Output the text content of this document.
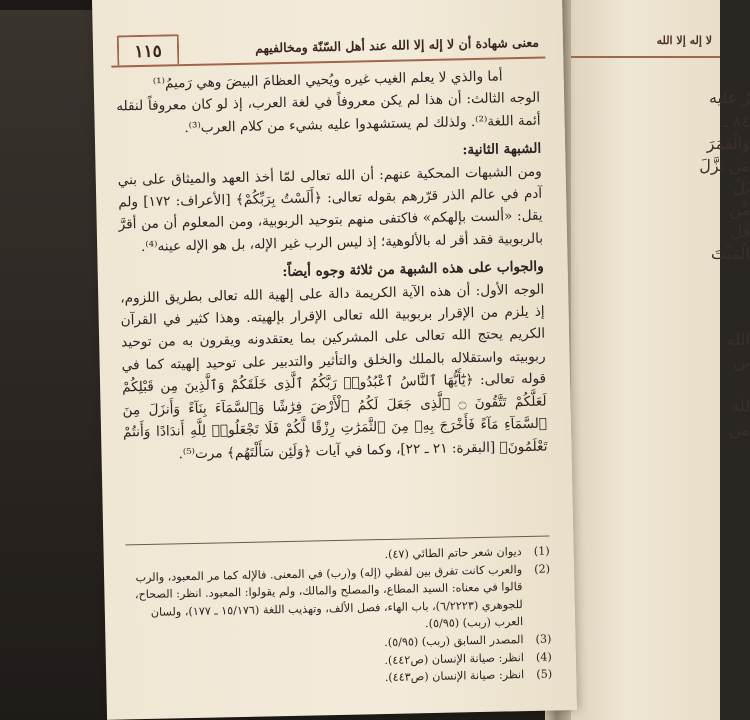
لا إله إلا الله
رُ عليه
٨٤ ـ
وَالْقَمَرَ
مَن نَزَّلَ
بَلْ
مِّن
قُلِ
الْمَيِّتَ
الله
بن
لله
من
معنى شهادة أن لا إله إلا الله عند أهل السّنّة ومخالفيهم
١١٥

أما والذي لا يعلم الغيب غيره ويُحيي العظامَ البيضَ وهي رَميمُ⁽¹⁾

الوجه الثالث: أن هذا لم يكن معروفاً في لغة العرب، إذ لو كان معروفاً لنقله أئمة اللغة⁽²⁾. ولذلك لم يستشهدوا عليه بشيء من كلام العرب⁽³⁾.

الشبهة الثانية:

ومن الشبهات المحكية عنهم: أن الله تعالى لمّا أخذ العهد والميثاق على بني آدم في عالم الذر قرّرهم بقوله تعالى: ﴿أَلَسْتُ بِرَبِّكُمْ﴾ [الأعراف: ١٧٢] ولم يقل: «ألست بإلهكم» فاكتفى منهم بتوحيد الربوبية، ومن المعلوم أن من أقرَّ بالربوبية فقد أقر له بالألوهية؛ إذ ليس الرب غير الإله، بل هو الإله عينه⁽⁴⁾.

والجواب على هذه الشبهة من ثلاثة وجوه أيضاً:

الوجه الأول: أن هذه الآية الكريمة دالة على إلهية الله تعالى بطريق اللزوم، إذ يلزم من الإقرار بربوبية الله تعالى الإقرار بإلهيته. وهذا كثير في القرآن الكريم يحتج الله تعالى على المشركين بما يعتقدونه ويقرون به من توحيد ربوبيته واستقلاله بالملك والخلق والتأثير والتدبير على توحيد إلهيته كما في قوله تعالى: ﴿يَٰٓأَيُّهَا ٱلنَّاسُ ٱعْبُدُوا۟ رَبَّكُمُ ٱلَّذِى خَلَقَكُمْ وَٱلَّذِينَ مِن قَبْلِكُمْ لَعَلَّكُمْ تَتَّقُونَ ۝ ٱلَّذِى جَعَلَ لَكُمُ ٱلْأَرْضَ فِرَٰشًا وَٱلسَّمَآءَ بِنَآءً وَأَنزَلَ مِنَ ٱلسَّمَآءِ مَآءً فَأَخْرَجَ بِهِۦ مِنَ ٱلثَّمَرَٰتِ رِزْقًا لَّكُمْ فَلَا تَجْعَلُوا۟ لِلَّهِ أَندَادًا وَأَنتُمْ تَعْلَمُونَ﴾ [البقرة: ٢١ ـ ٢٢]، وكما في آيات ﴿وَلَئِن سَأَلْتَهُم﴾ مرت⁽⁵⁾.

(1)
ديوان شعر حاتم الطائي (٤٧).

(2)
والعرب كانت تفرق بين لفظي (إله) و(رب) في المعنى. فالإله كما مر المعبود، والرب قالوا في معناه: السيد المطاع، والمصلح والمالك، ولم يقولوا: المعبود. انظر: الصحاح، للجوهري (٦/٢٢٢٣)، باب الهاء، فصل الألف، وتهذيب اللغة (١٥/١٧٦ ـ ١٧٧)، ولسان العرب (ربب) (٥/٩٥).

(3)
المصدر السابق (ربب) (٥/٩٥).

(4)
انظر: صيانة الإنسان (ص٤٤٢).

(5)
انظر: صيانة الإنسان (ص٤٤٣).
